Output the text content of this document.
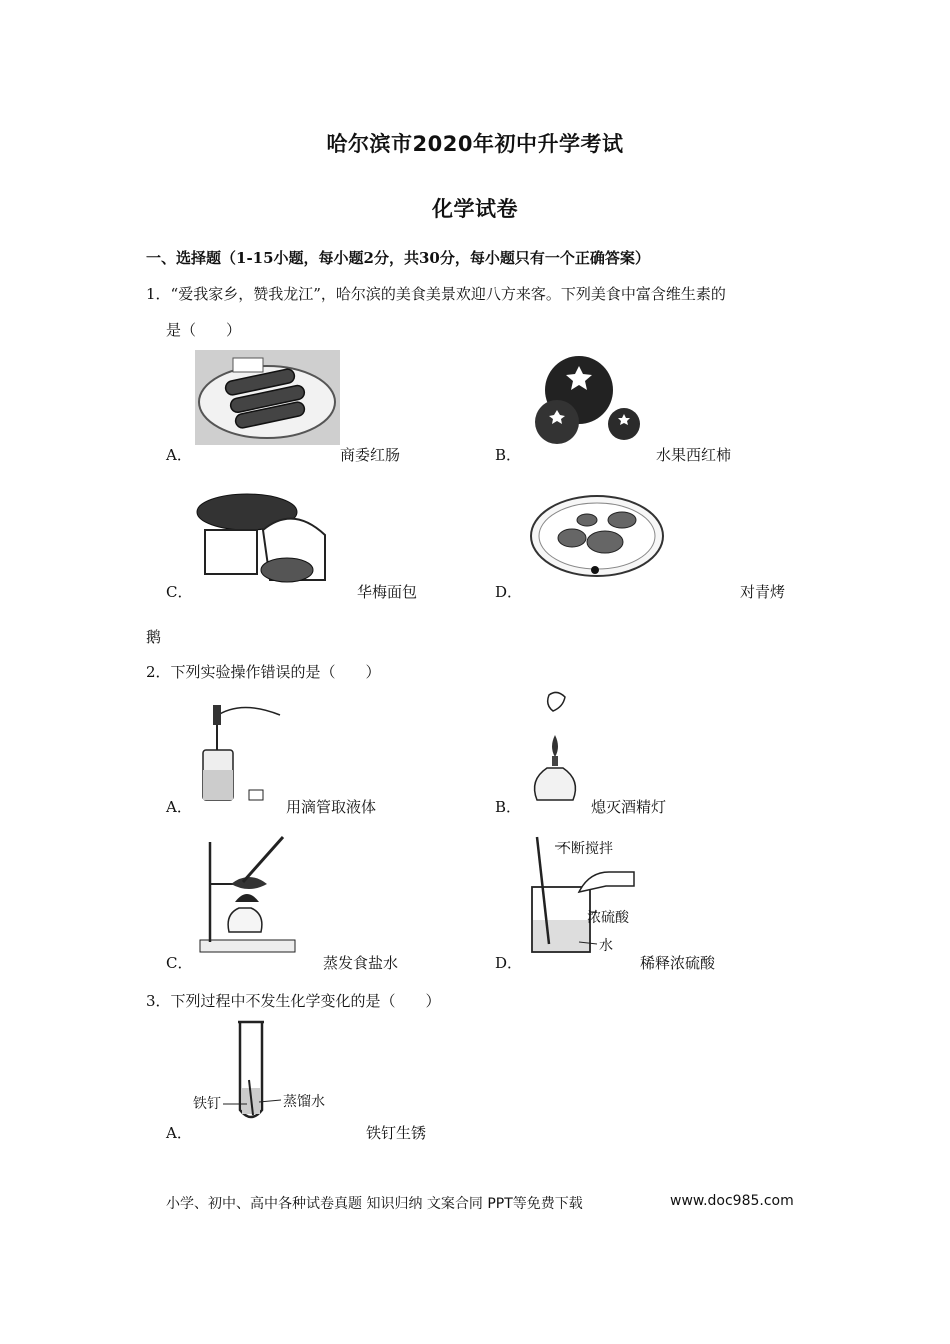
哈尔滨市2020年初中升学考试
化学试卷
一、选择题（1-15小题，每小题2分，共30分，每小题只有一个正确答案）
1．“爱我家乡，赞我龙江”，哈尔滨的美食美景欢迎八方来客。下列美食中富含维生素的
是（　　）
A．	商委红肠	B．	水果西红柿
C．	华梅面包	D．	对青烤
鹅
2．下列实验操作错误的是（　　）
A．	用滴管取液体	B．	熄灭酒精灯
C．	蒸发食盐水
不断搅拌
浓硫酸
水
D．	稀释浓硫酸
3．下列过程中不发生化学变化的是（　　）
铁钉	蒸馏水
A．	铁钉生锈
小学、初中、高中各种试卷真题 知识归纳 文案合同 PPT等免费下载	www.doc985.com
